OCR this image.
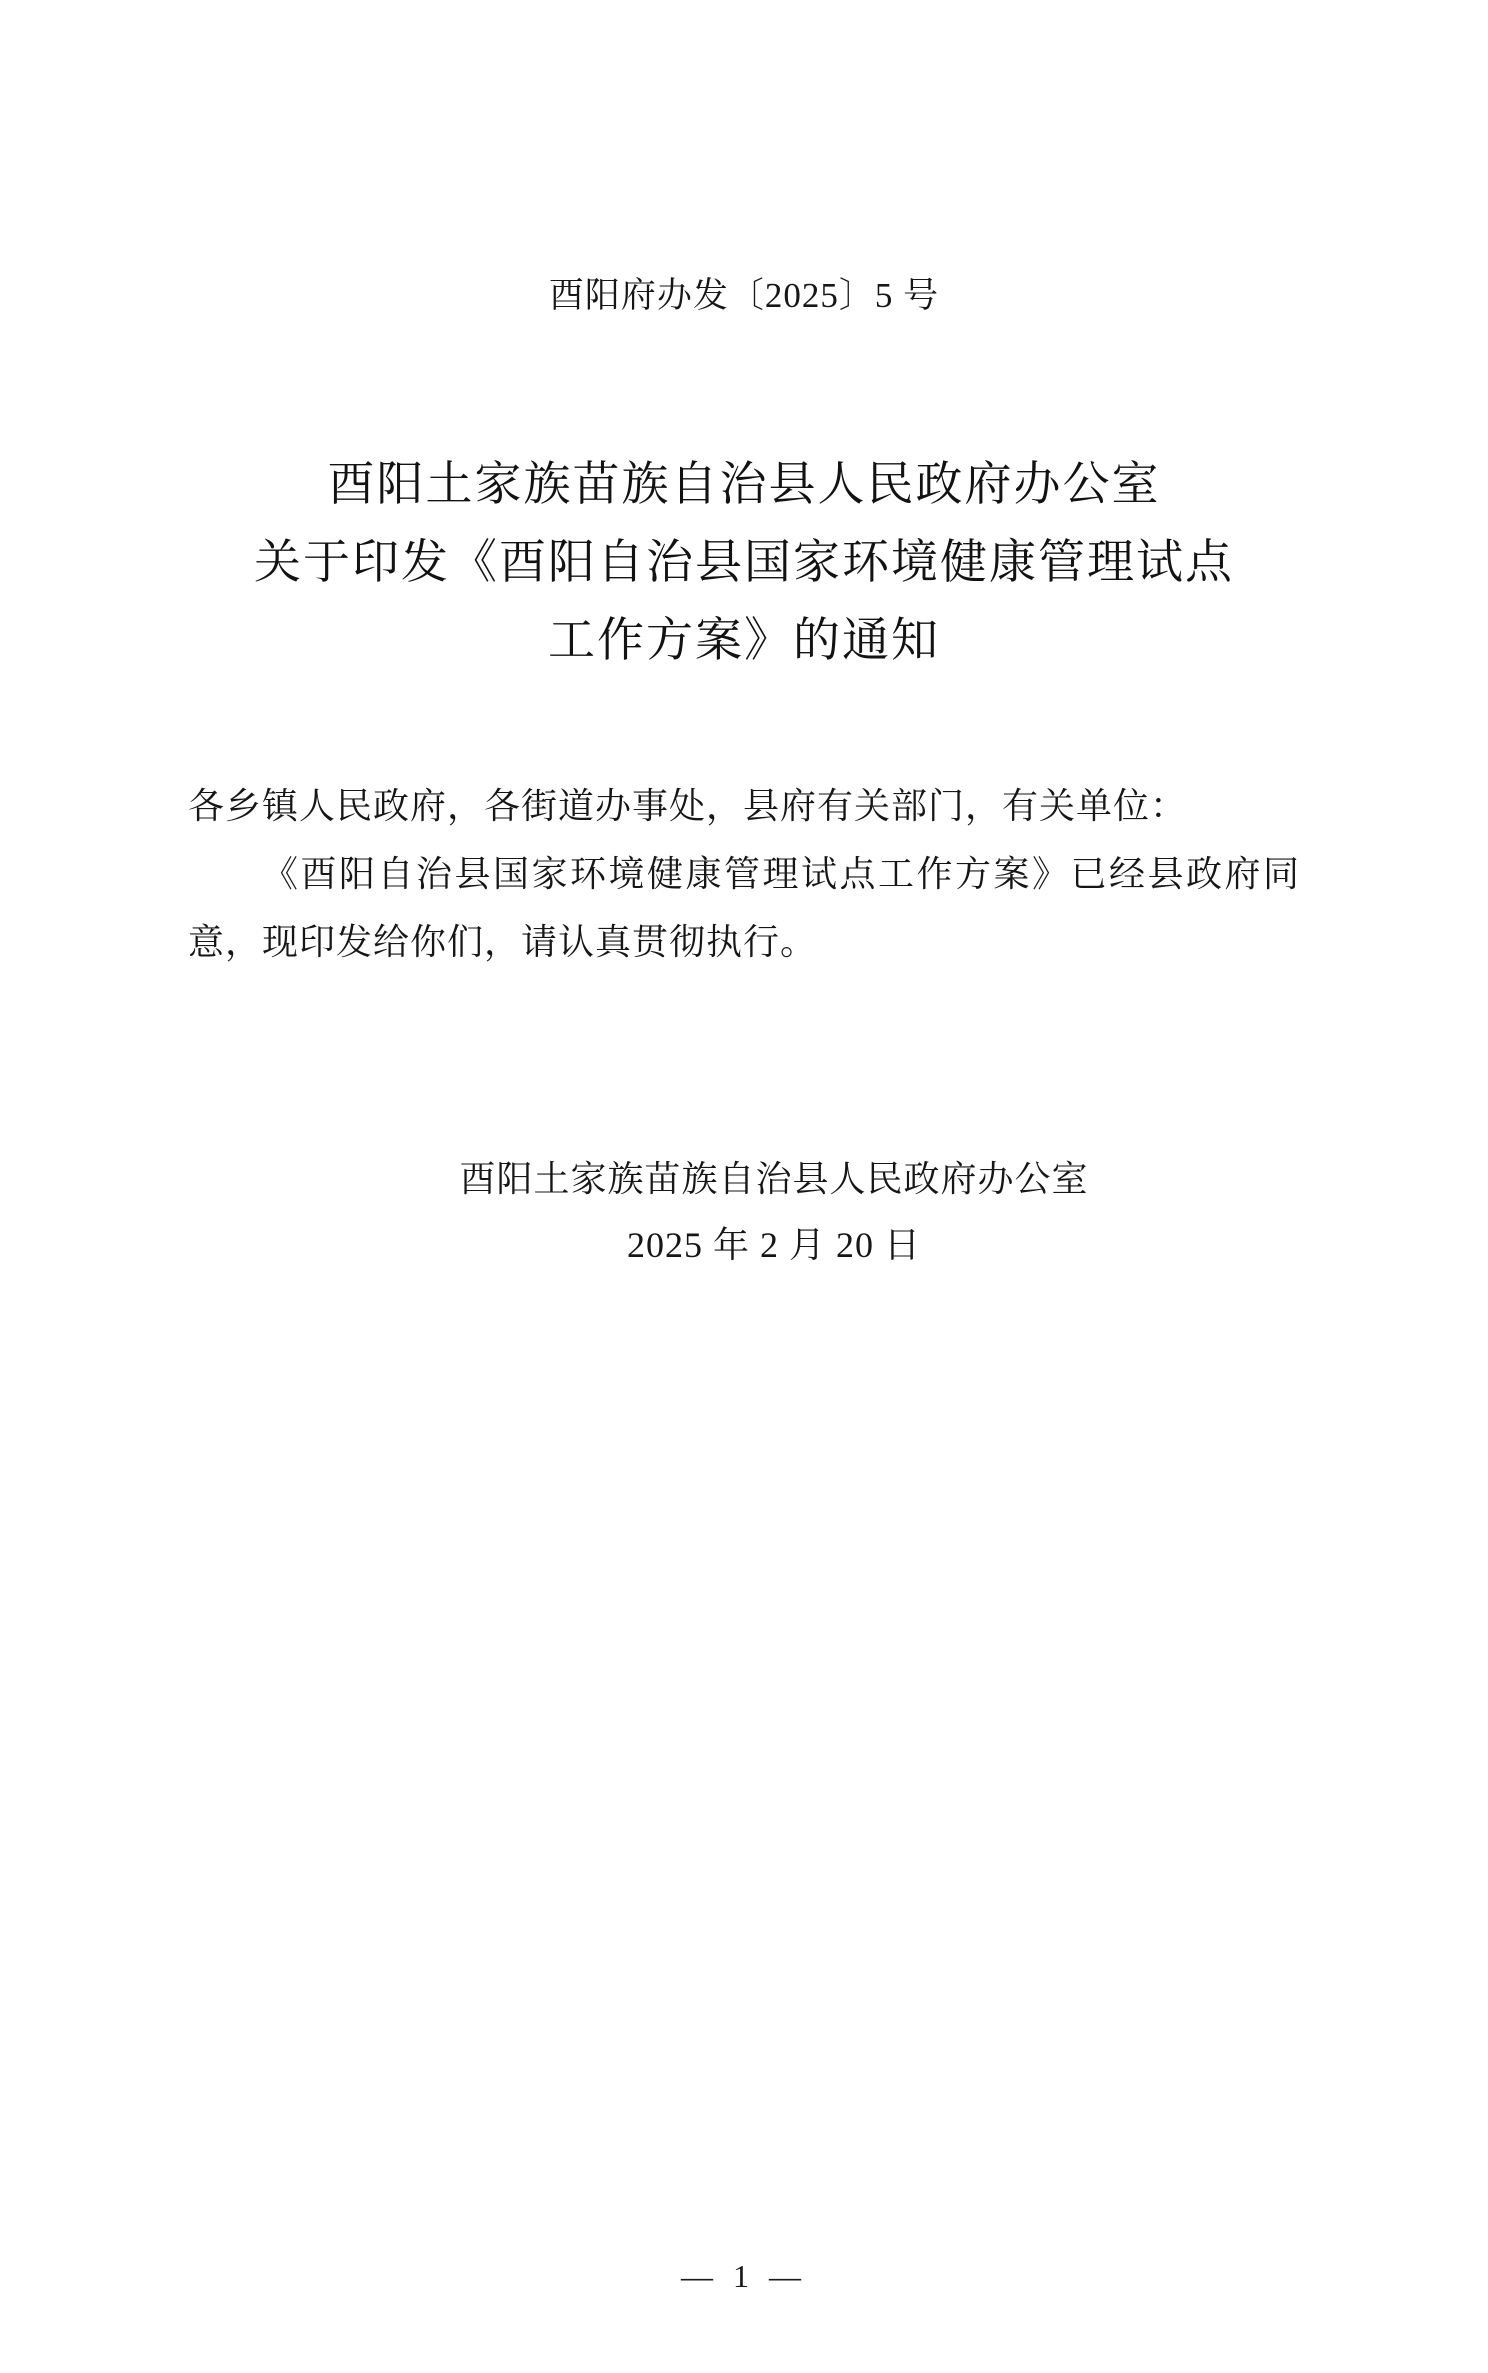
酉阳府办发〔2025〕5 号
酉阳土家族苗族自治县人民政府办公室
关于印发《酉阳自治县国家环境健康管理试点
工作方案》的通知
各乡镇人民政府，各街道办事处，县府有关部门，有关单位：
《酉阳自治县国家环境健康管理试点工作方案》已经县政府同意，现印发给你们，请认真贯彻执行。
酉阳土家族苗族自治县人民政府办公室
2025 年 2 月 20 日
— 1 —
